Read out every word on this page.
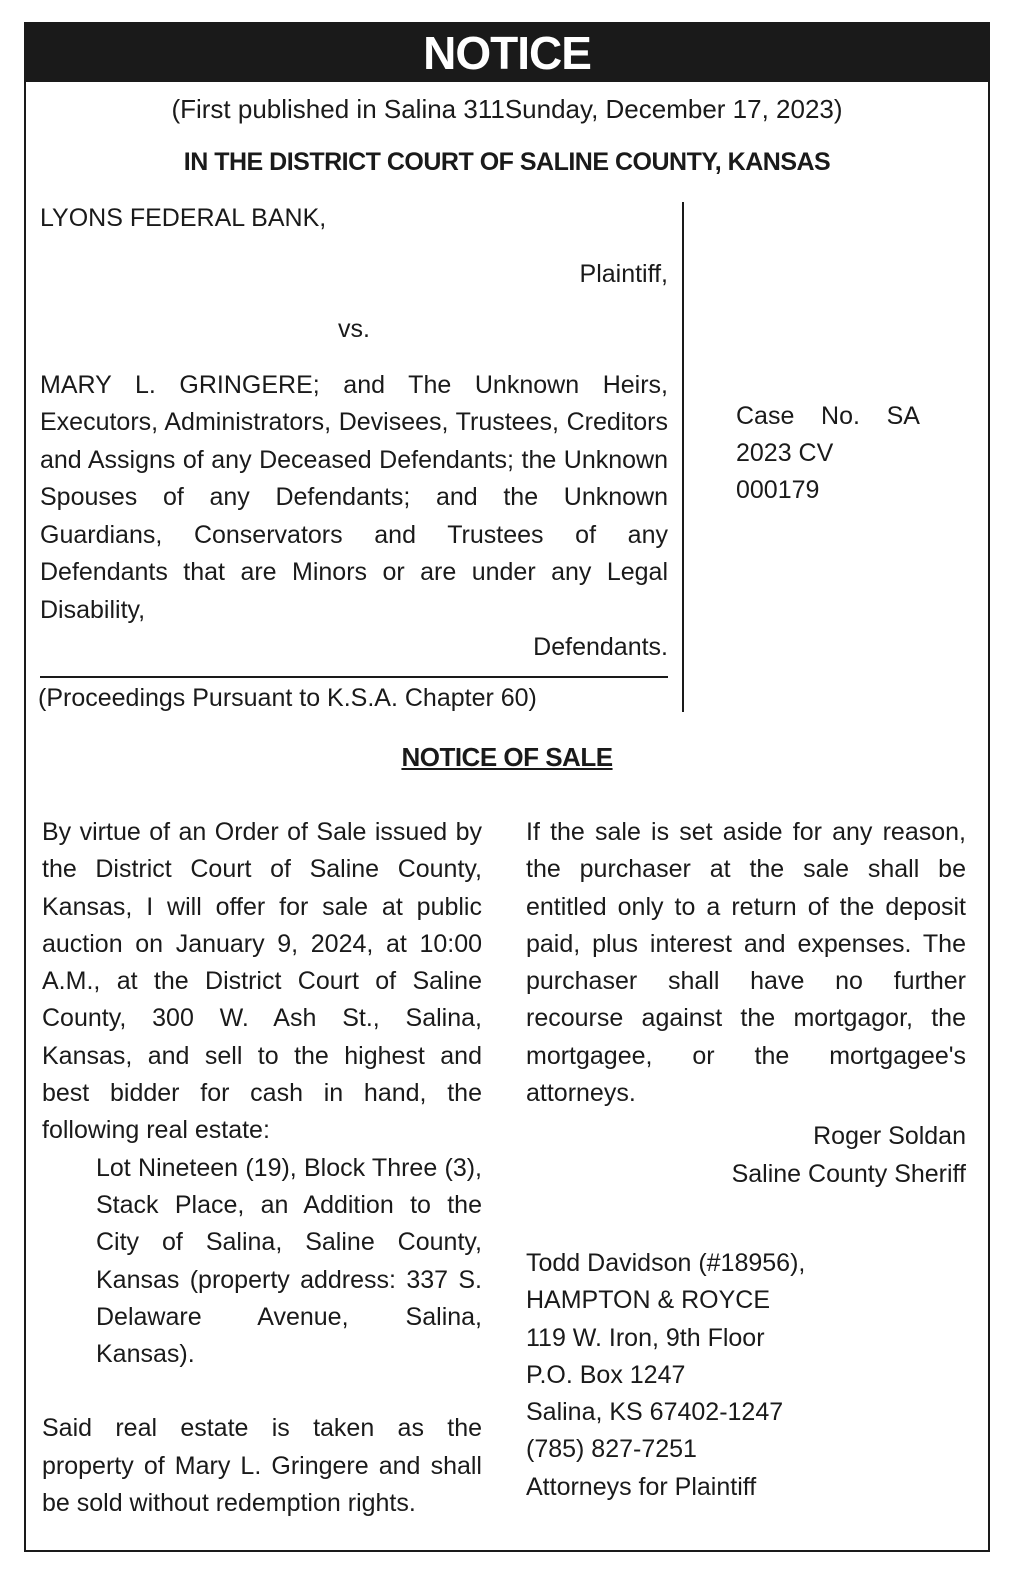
NOTICE
(First published in Salina 311Sunday, December 17, 2023)
IN THE DISTRICT COURT OF SALINE COUNTY, KANSAS

LYONS FEDERAL BANK,

Plaintiff,

vs.

MARY L. GRINGERE; and The Unknown Heirs, Executors, Administrators, Devisees, Trustees, Creditors and Assigns of any Deceased Defendants; the Unknown Spouses of any Defendants; and the Unknown Guardians, Conservators and Trustees of any Defendants that are Minors or are under any Legal Disability,

Defendants.

(Proceedings Pursuant to K.S.A. Chapter 60)
Case No. SA
2023 CV 000179
NOTICE OF SALE

By virtue of an Order of Sale issued by the District Court of Saline County, Kansas, I will offer for sale at public auction on January 9, 2024, at 10:00 A.M., at the District Court of Saline County, 300 W. Ash St., Salina, Kansas, and sell to the highest and best bidder for cash in hand, the following real estate:

Lot Nineteen (19), Block Three (3), Stack Place, an Addition to the City of Salina, Saline County, Kansas (property address: 337 S. Delaware Avenue, Salina, Kansas).

Said real estate is taken as the property of Mary L. Gringere and shall be sold without redemption rights.

If the sale is set aside for any reason, the purchaser at the sale shall be entitled only to a return of the deposit paid, plus interest and expenses. The purchaser shall have no further recourse against the mortgagor, the mortgagee, or the mortgagee's attorneys.

Roger Soldan

Saline County Sheriff

Todd Davidson (#18956),

HAMPTON & ROYCE

119 W. Iron, 9th Floor

P.O. Box 1247

Salina, KS 67402-1247

(785) 827-7251

Attorneys for Plaintiff
